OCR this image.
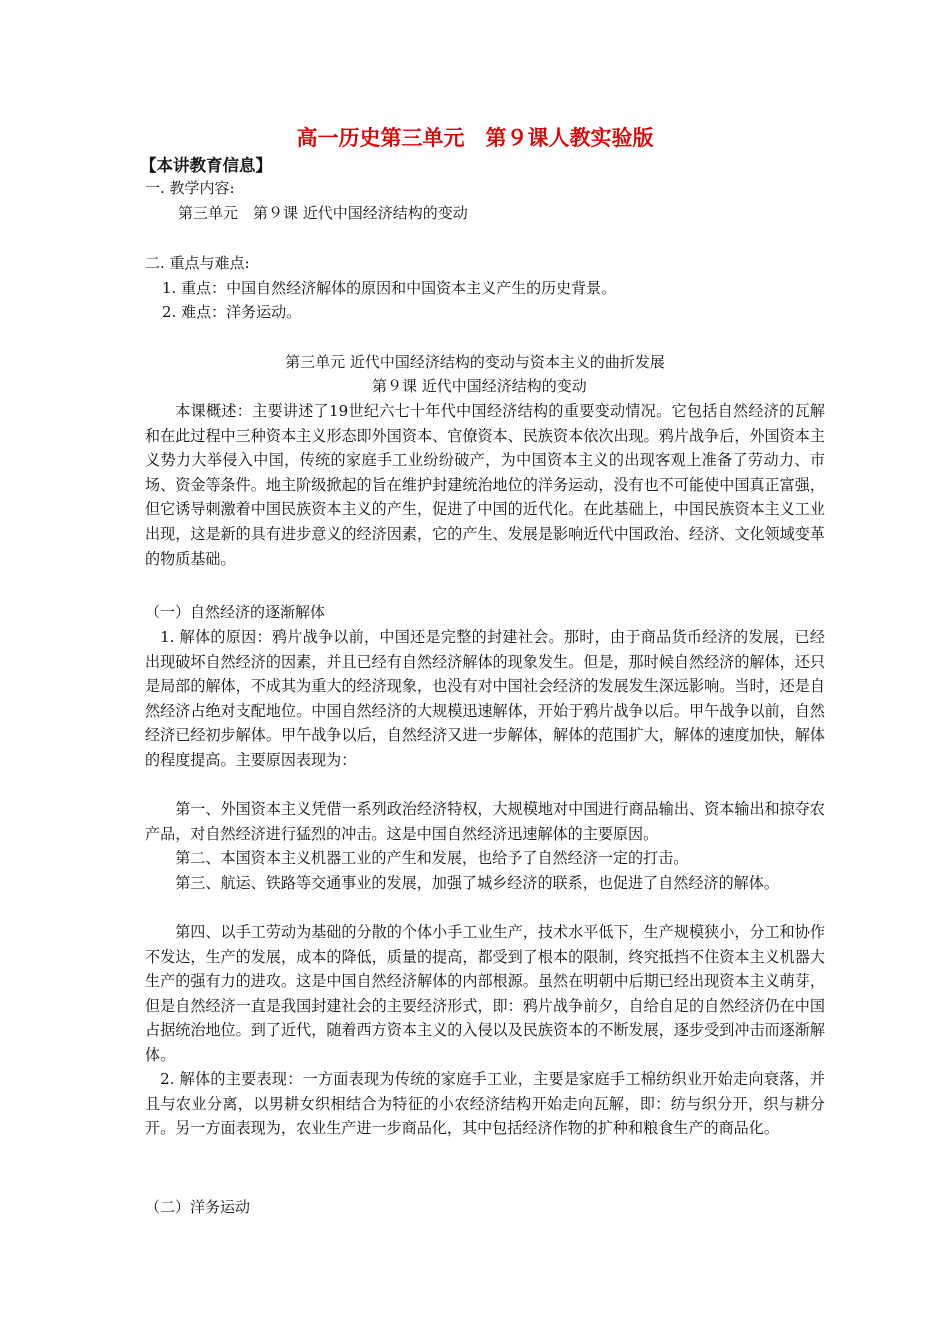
高一历史第三单元　第９课人教实验版
【本讲教育信息】
一. 教学内容:
第三单元　第９课 近代中国经济结构的变动
二. 重点与难点:
1. 重点：中国自然经济解体的原因和中国资本主义产生的历史背景。
2. 难点：洋务运动。
第三单元 近代中国经济结构的变动与资本主义的曲折发展
第９课 近代中国经济结构的变动
本课概述：主要讲述了19世纪六七十年代中国经济结构的重要变动情况。它包括自然经济的瓦解和在此过程中三种资本主义形态即外国资本、官僚资本、民族资本依次出现。鸦片战争后，外国资本主义势力大举侵入中国，传统的家庭手工业纷纷破产，为中国资本主义的出现客观上准备了劳动力、市场、资金等条件。地主阶级掀起的旨在维护封建统治地位的洋务运动，没有也不可能使中国真正富强，但它诱导刺激着中国民族资本主义的产生，促进了中国的近代化。在此基础上，中国民族资本主义工业出现，这是新的具有进步意义的经济因素，它的产生、发展是影响近代中国政治、经济、文化领域变革的物质基础。
（一）自然经济的逐渐解体
1. 解体的原因：鸦片战争以前，中国还是完整的封建社会。那时，由于商品货币经济的发展，已经出现破坏自然经济的因素，并且已经有自然经济解体的现象发生。但是，那时候自然经济的解体，还只是局部的解体，不成其为重大的经济现象，也没有对中国社会经济的发展发生深远影响。当时，还是自然经济占绝对支配地位。中国自然经济的大规模迅速解体，开始于鸦片战争以后。甲午战争以前，自然经济已经初步解体。甲午战争以后，自然经济又进一步解体，解体的范围扩大，解体的速度加快，解体的程度提高。主要原因表现为：
第一、外国资本主义凭借一系列政治经济特权，大规模地对中国进行商品输出、资本输出和掠夺农产品，对自然经济进行猛烈的冲击。这是中国自然经济迅速解体的主要原因。
第二、本国资本主义机器工业的产生和发展，也给予了自然经济一定的打击。
第三、航运、铁路等交通事业的发展，加强了城乡经济的联系，也促进了自然经济的解体。
第四、以手工劳动为基础的分散的个体小手工业生产，技术水平低下，生产规模狭小，分工和协作不发达，生产的发展，成本的降低，质量的提高，都受到了根本的限制，终究抵挡不住资本主义机器大生产的强有力的进攻。这是中国自然经济解体的内部根源。虽然在明朝中后期已经出现资本主义萌芽，但是自然经济一直是我国封建社会的主要经济形式，即：鸦片战争前夕，自给自足的自然经济仍在中国占据统治地位。到了近代，随着西方资本主义的入侵以及民族资本的不断发展，逐步受到冲击而逐渐解体。
2. 解体的主要表现：一方面表现为传统的家庭手工业，主要是家庭手工棉纺织业开始走向衰落，并且与农业分离，以男耕女织相结合为特征的小农经济结构开始走向瓦解，即：纺与织分开，织与耕分开。另一方面表现为，农业生产进一步商品化，其中包括经济作物的扩种和粮食生产的商品化。
（二）洋务运动
